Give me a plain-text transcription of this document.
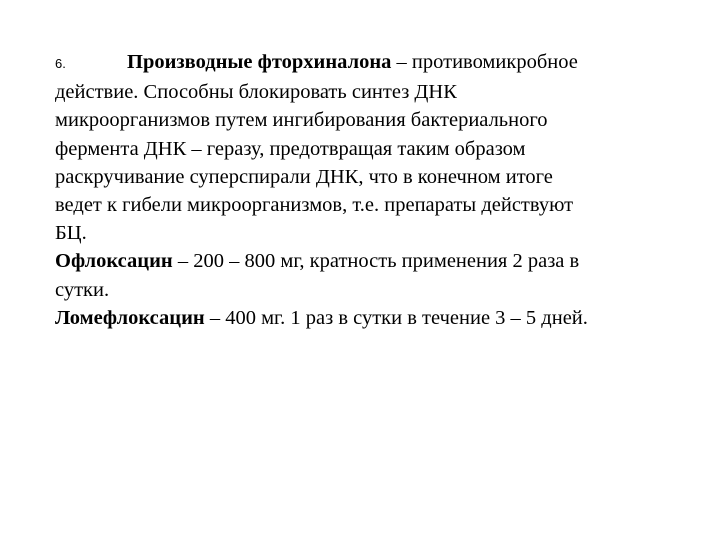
6.	Производные фторхиналона – противомикробное
действие. Способны блокировать синтез ДНК
микроорганизмов путем ингибирования бактериального
фермента ДНК – геразу, предотвращая таким образом
раскручивание суперспирали ДНК, что в конечном итоге
ведет к гибели микроорганизмов, т.е. препараты действуют
БЦ.
Офлоксацин – 200 – 800 мг, кратность применения 2 раза в
сутки.
Ломефлоксацин – 400 мг. 1 раз в сутки в течение 3 – 5 дней.
